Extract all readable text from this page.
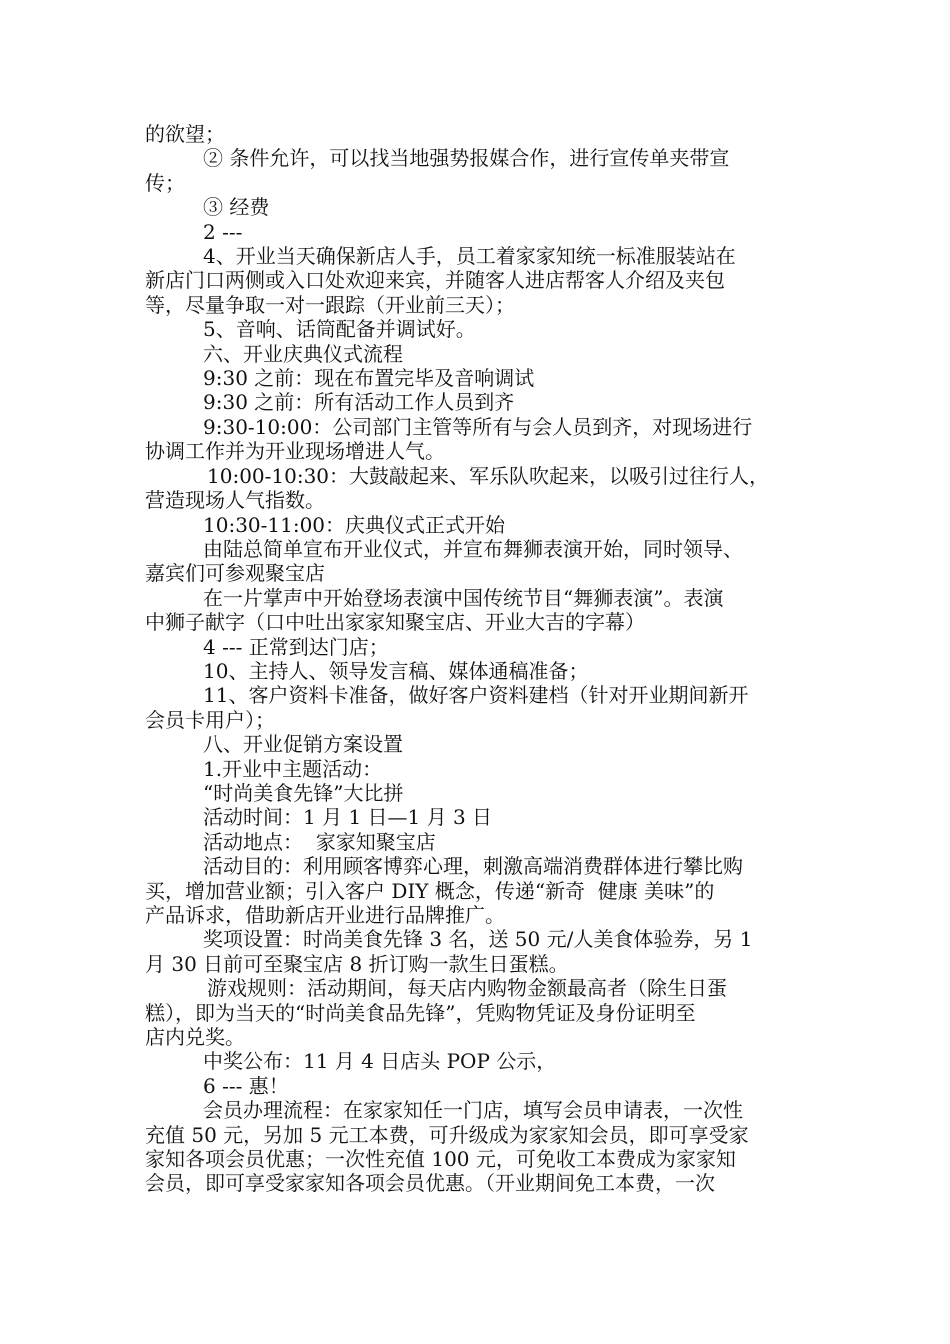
的欲望；
② 条件允许，可以找当地强势报媒合作，进行宣传单夹带宣
传；
③ 经费
2 ---
4、开业当天确保新店人手，员工着家家知统一标准服装站在
新店门口两侧或入口处欢迎来宾，并随客人进店帮客人介绍及夹包
等，尽量争取一对一跟踪（开业前三天）；
5、音响、话筒配备并调试好。
六、开业庆典仪式流程
9:30 之前：现在布置完毕及音响调试
9:30 之前：所有活动工作人员到齐
9:30-10:00：公司部门主管等所有与会人员到齐，对现场进行
协调工作并为开业现场增进人气。
10:00-10:30：大鼓敲起来、军乐队吹起来，以吸引过往行人，
营造现场人气指数。
10:30-11:00：庆典仪式正式开始
由陆总简单宣布开业仪式，并宣布舞狮表演开始，同时领导、
嘉宾们可参观聚宝店
在一片掌声中开始登场表演中国传统节目“舞狮表演”。表演
中狮子献字（口中吐出家家知聚宝店、开业大吉的字幕）
4 --- 正常到达门店；
10、主持人、领导发言稿、媒体通稿准备；
11、客户资料卡准备，做好客户资料建档（针对开业期间新开
会员卡用户）；
八、开业促销方案设置
1.开业中主题活动：
“时尚美食先锋”大比拼
活动时间：1 月 1 日—1 月 3 日
活动地点：  家家知聚宝店
活动目的：利用顾客博弈心理，刺激高端消费群体进行攀比购
买，增加营业额；引入客户 DIY 概念，传递“新奇  健康 美味”的
产品诉求，借助新店开业进行品牌推广。
奖项设置：时尚美食先锋 3 名，送 50 元/人美食体验券，另 1
月 30 日前可至聚宝店 8 折订购一款生日蛋糕。
游戏规则：活动期间，每天店内购物金额最高者（除生日蛋
糕），即为当天的“时尚美食品先锋”，凭购物凭证及身份证明至
店内兑奖。
中奖公布：11 月 4 日店头 POP 公示，
6 --- 惠！
会员办理流程：在家家知任一门店，填写会员申请表，一次性
充值 50 元，另加 5 元工本费，可升级成为家家知会员，即可享受家
家知各项会员优惠；一次性充值 100 元，可免收工本费成为家家知
会员，即可享受家家知各项会员优惠。（开业期间免工本费，一次
